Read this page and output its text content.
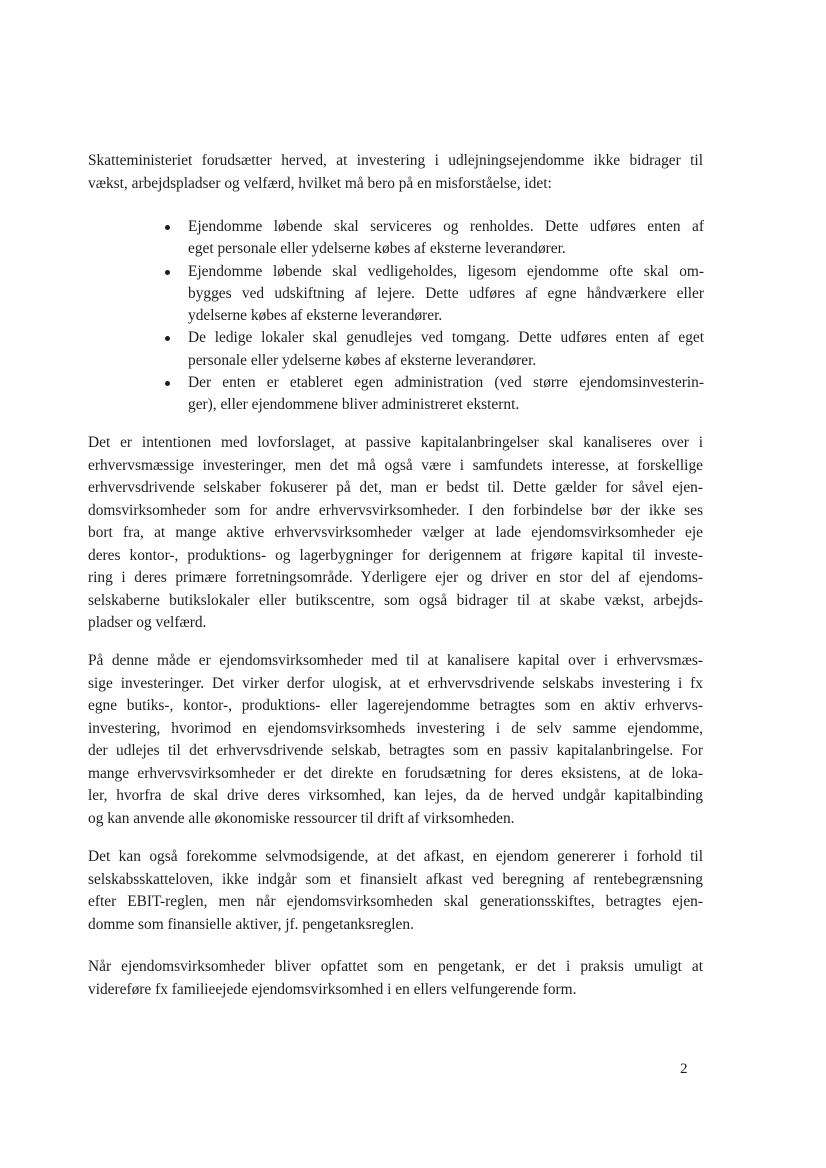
Skatteministeriet forudsætter herved, at investering i udlejningsejendomme ikke bidrager til
vækst, arbejdspladser og velfærd, hvilket må bero på en misforståelse, idet:

Ejendomme løbende skal serviceres og renholdes. Dette udføres enten af
eget personale eller ydelserne købes af eksterne leverandører.
Ejendomme løbende skal vedligeholdes, ligesom ejendomme ofte skal om-
bygges ved udskiftning af lejere. Dette udføres af egne håndværkere eller
ydelserne købes af eksterne leverandører.
De ledige lokaler skal genudlejes ved tomgang. Dette udføres enten af eget
personale eller ydelserne købes af eksterne leverandører.
Der enten er etableret egen administration (ved større ejendomsinvesterin-
ger), eller ejendommene bliver administreret eksternt.

Det er intentionen med lovforslaget, at passive kapitalanbringelser skal kanaliseres over i
erhvervsmæssige investeringer, men det må også være i samfundets interesse, at forskellige
erhvervsdrivende selskaber fokuserer på det, man er bedst til. Dette gælder for såvel ejen-
domsvirksomheder som for andre erhvervsvirksomheder. I den forbindelse bør der ikke ses
bort fra, at mange aktive erhvervsvirksomheder vælger at lade ejendomsvirksomheder eje
deres kontor-, produktions- og lagerbygninger for derigennem at frigøre kapital til investe-
ring i deres primære forretningsområde. Yderligere ejer og driver en stor del af ejendoms-
selskaberne butikslokaler eller butikscentre, som også bidrager til at skabe vækst, arbejds-
pladser og velfærd.

På denne måde er ejendomsvirksomheder med til at kanalisere kapital over i erhvervsmæs-
sige investeringer. Det virker derfor ulogisk, at et erhvervsdrivende selskabs investering i fx
egne butiks-, kontor-, produktions- eller lagerejendomme betragtes som en aktiv erhvervs-
investering, hvorimod en ejendomsvirksomheds investering i de selv samme ejendomme,
der udlejes til det erhvervsdrivende selskab, betragtes som en passiv kapitalanbringelse. For
mange erhvervsvirksomheder er det direkte en forudsætning for deres eksistens, at de loka-
ler, hvorfra de skal drive deres virksomhed, kan lejes, da de herved undgår kapitalbinding
og kan anvende alle økonomiske ressourcer til drift af virksomheden.

Det kan også forekomme selvmodsigende, at det afkast, en ejendom genererer i forhold til
selskabsskatteloven, ikke indgår som et finansielt afkast ved beregning af rentebegrænsning
efter EBIT-reglen, men når ejendomsvirksomheden skal generationsskiftes, betragtes ejen-
domme som finansielle aktiver, jf. pengetanksreglen.

Når ejendomsvirksomheder bliver opfattet som en pengetank, er det i praksis umuligt at
videreføre fx familieejede ejendomsvirksomhed i en ellers velfungerende form.

2
